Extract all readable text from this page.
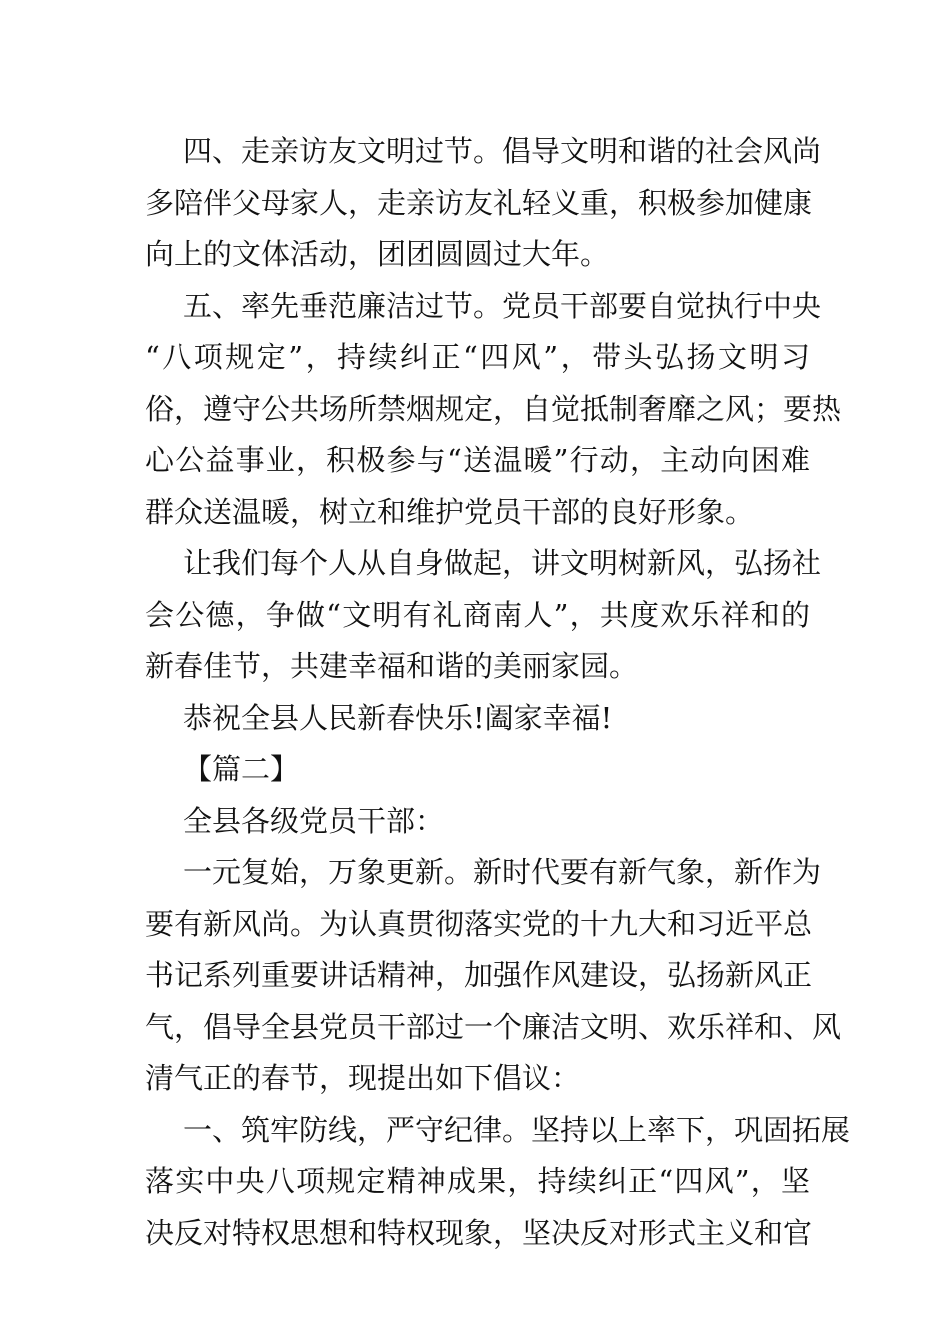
四、走亲访友文明过节。倡导文明和谐的社会风尚
多陪伴父母家人，走亲访友礼轻义重，积极参加健康
向上的文体活动，团团圆圆过大年。
五、率先垂范廉洁过节。党员干部要自觉执行中央
“八项规定”，持续纠正“四风”，带头弘扬文明习
俗，遵守公共场所禁烟规定，自觉抵制奢靡之风；要热
心公益事业，积极参与“送温暖”行动，主动向困难
群众送温暖，树立和维护党员干部的良好形象。
让我们每个人从自身做起，讲文明树新风，弘扬社
会公德，争做“文明有礼商南人”，共度欢乐祥和的
新春佳节，共建幸福和谐的美丽家园。
恭祝全县人民新春快乐!阖家幸福!
【篇二】
全县各级党员干部：
一元复始，万象更新。新时代要有新气象，新作为
要有新风尚。为认真贯彻落实党的十九大和习近平总
书记系列重要讲话精神，加强作风建设，弘扬新风正
气，倡导全县党员干部过一个廉洁文明、欢乐祥和、风
清气正的春节，现提出如下倡议：
一、筑牢防线，严守纪律。坚持以上率下，巩固拓展
落实中央八项规定精神成果，持续纠正“四风”，坚
决反对特权思想和特权现象，坚决反对形式主义和官
